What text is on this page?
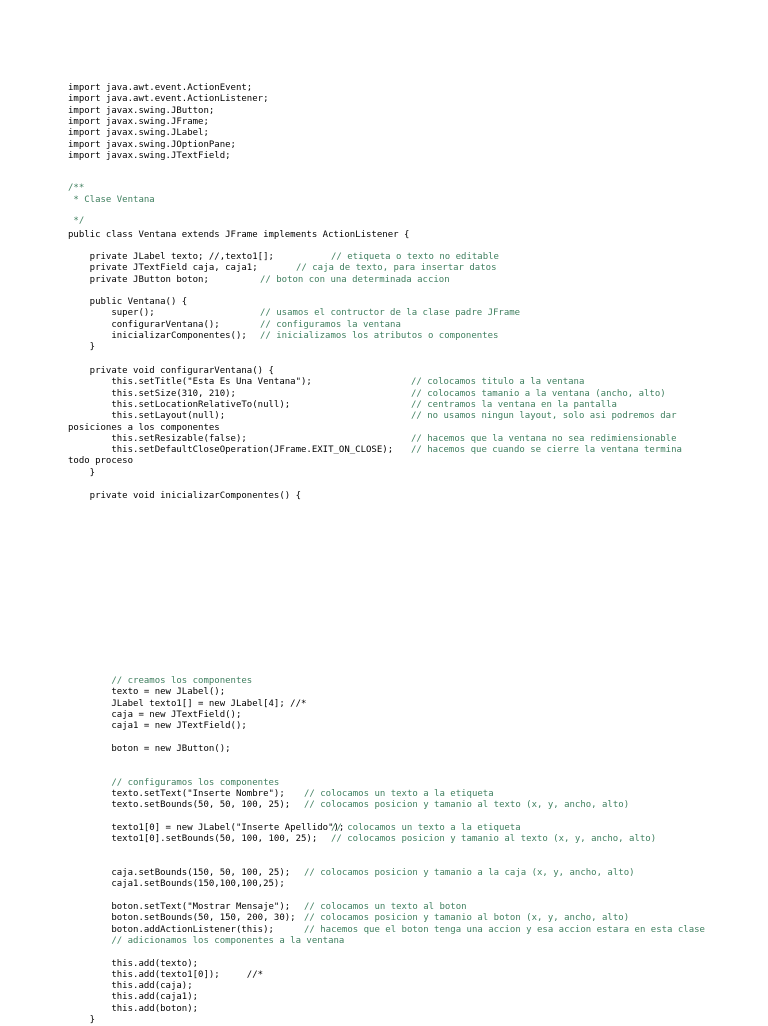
import java.awt.event.ActionEvent;
import java.awt.event.ActionListener;
import javax.swing.JButton;
import javax.swing.JFrame;
import javax.swing.JLabel;
import javax.swing.JOptionPane;
import javax.swing.JTextField;
/**
* Clase Ventana
*/
public class Ventana extends JFrame implements ActionListener {
private JLabel texto; //,texto1[];	// etiqueta o texto no editable
private JTextField caja, caja1;	// caja de texto, para insertar datos
private JButton boton;	// boton con una determinada accion
public Ventana() {
super();	// usamos el contructor de la clase padre JFrame
configurarVentana();	// configuramos la ventana
inicializarComponentes(); // inicializamos los atributos o componentes
}
private void configurarVentana() {
this.setTitle("Esta Es Una Ventana");	// colocamos titulo a la ventana
this.setSize(310, 210);	// colocamos tamanio a la ventana (ancho, alto)
this.setLocationRelativeTo(null);	// centramos la ventana en la pantalla
this.setLayout(null);	// no usamos ningun layout, solo asi podremos dar
posiciones a los componentes
this.setResizable(false);	// hacemos que la ventana no sea redimiensionable
this.setDefaultCloseOperation(JFrame.EXIT_ON_CLOSE); // hacemos que cuando se cierre la ventana termina
todo proceso
}
private void inicializarComponentes() {
// creamos los componentes
texto = new JLabel();
JLabel texto1[] = new JLabel[4]; //*
caja = new JTextField();
caja1 = new JTextField();
boton = new JButton();
// configuramos los componentes
texto.setText("Inserte Nombre"); // colocamos un texto a la etiqueta
texto.setBounds(50, 50, 100, 25); // colocamos posicion y tamanio al texto (x, y, ancho, alto)
texto1[0] = new JLabel("Inserte Apellido");
// colocamos un texto a la etiqueta
texto1[0].setBounds(50, 100, 100, 25); // colocamos posicion y tamanio al texto (x, y, ancho, alto)
caja.setBounds(150, 50, 100, 25); // colocamos posicion y tamanio a la caja (x, y, ancho, alto)
caja1.setBounds(150,100,100,25);
boton.setText("Mostrar Mensaje"); // colocamos un texto al boton
boton.setBounds(50, 150, 200, 30); // colocamos posicion y tamanio al boton (x, y, ancho, alto)
boton.addActionListener(this);	// hacemos que el boton tenga una accion y esa accion estara en esta clase
// adicionamos los componentes a la ventana
this.add(texto);
this.add(texto1[0]);     //*
this.add(caja);
this.add(caja1);
this.add(boton);
}
